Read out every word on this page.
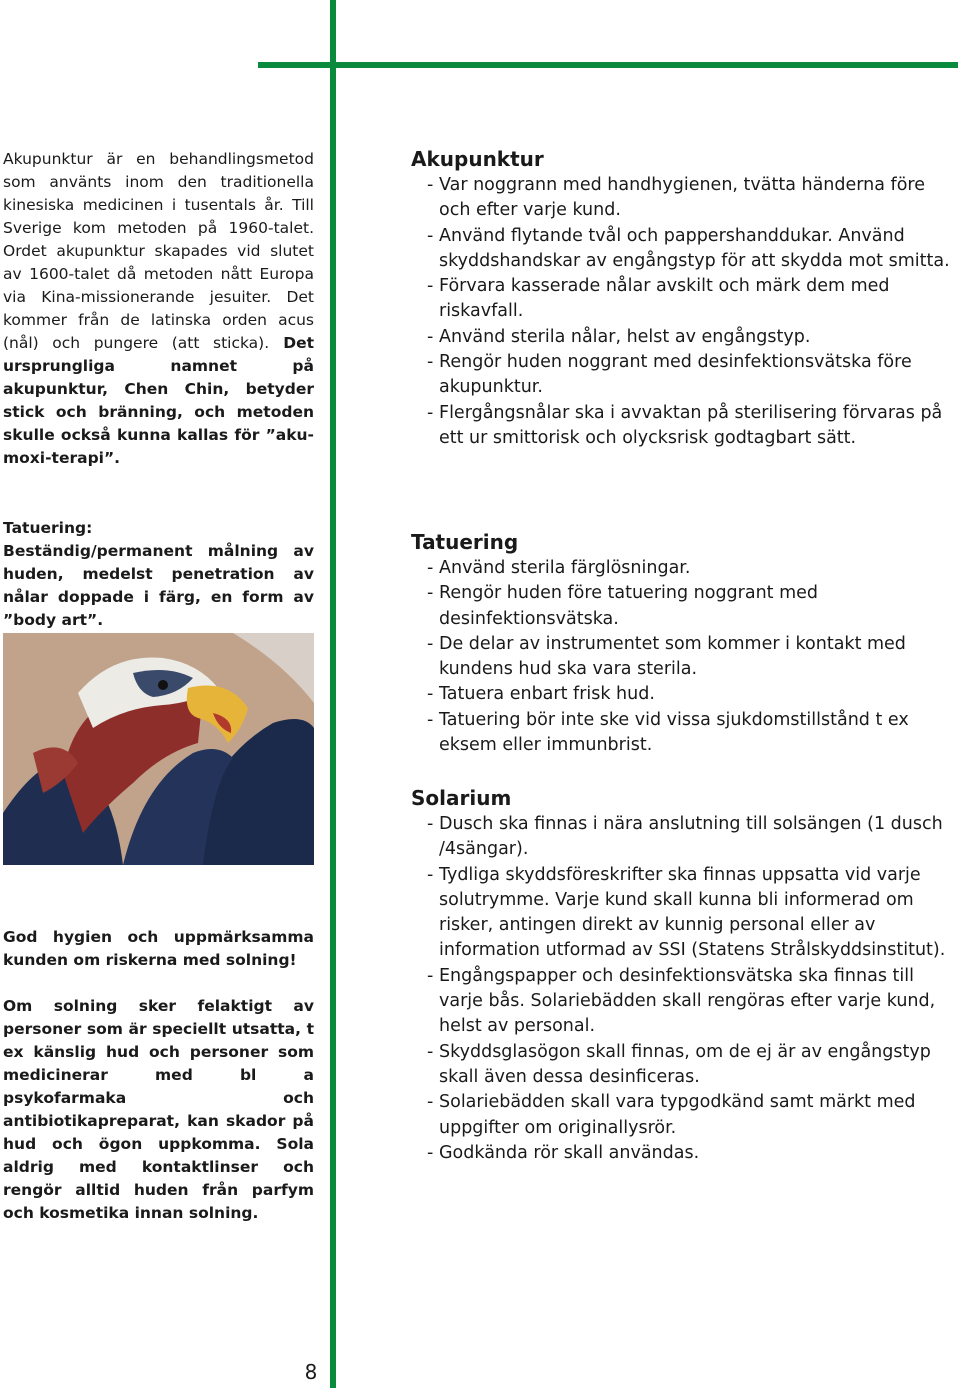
Akupunktur är en behandlingsmetod som använts inom den traditionella kinesiska medicinen i tusentals år. Till Sverige kom metoden på 1960-talet. Ordet akupunktur skapades vid slutet av 1600-talet då metoden nått Europa via Kina-missionerande jesuiter. Det kommer från de latinska orden acus (nål) och pungere (att sticka). Det ursprungliga namnet på akupunktur, Chen Chin, betyder stick och bränning, och metoden skulle också kunna kallas för ”aku-moxi-terapi”.

Tatuering:
Beständig/permanent målning av huden, medelst penetration av nålar doppade i färg, en form av ”body art”.
God hygien och uppmärksamma kunden om riskerna med solning!
Om solning sker felaktigt av personer som är speciellt utsatta, t ex känslig hud och personer som medicinerar med bl a psykofarmaka och antibiotikapreparat, kan skador på hud och ögon uppkomma. Sola aldrig med kontaktlinser och rengör alltid huden från parfym och kosmetika innan solning.
Akupunktur
- Var noggrann med handhygienen, tvätta händerna före och efter varje kund.
- Använd flytande tvål och pappershanddukar. Använd skyddshandskar av engångstyp för att skydda mot smitta.
- Förvara kasserade nålar avskilt och märk dem med riskavfall.
- Använd sterila nålar, helst av engångstyp.
- Rengör huden noggrant med desinfektionsvätska före akupunktur.
- Flergångsnålar ska i avvaktan på sterilisering förvaras på ett ur smittorisk och olycksrisk godtagbart sätt.
Tatuering
- Använd sterila färglösningar.
- Rengör huden före tatuering noggrant med desinfektionsvätska.
- De delar av instrumentet som kommer i kontakt med kundens hud ska vara sterila.
- Tatuera enbart frisk hud.
- Tatuering bör inte ske vid vissa sjukdomstillstånd t ex eksem eller immunbrist.
Solarium
- Dusch ska finnas i nära anslutning till solsängen (1 dusch /4sängar).
- Tydliga skyddsföreskrifter ska finnas uppsatta vid varje solutrymme. Varje kund skall kunna bli informerad om risker, antingen direkt av kunnig personal eller av information utformad av SSI (Statens Strålskyddsinstitut).
- Engångspapper och desinfektionsvätska ska finnas till varje bås. Solariebädden skall rengöras efter varje kund, helst av personal.
- Skyddsglasögon skall finnas, om de ej är av engångstyp skall även dessa desinficeras.
- Solariebädden skall vara typgodkänd samt märkt med uppgifter om originallysrör.
- Godkända rör skall användas.
8
